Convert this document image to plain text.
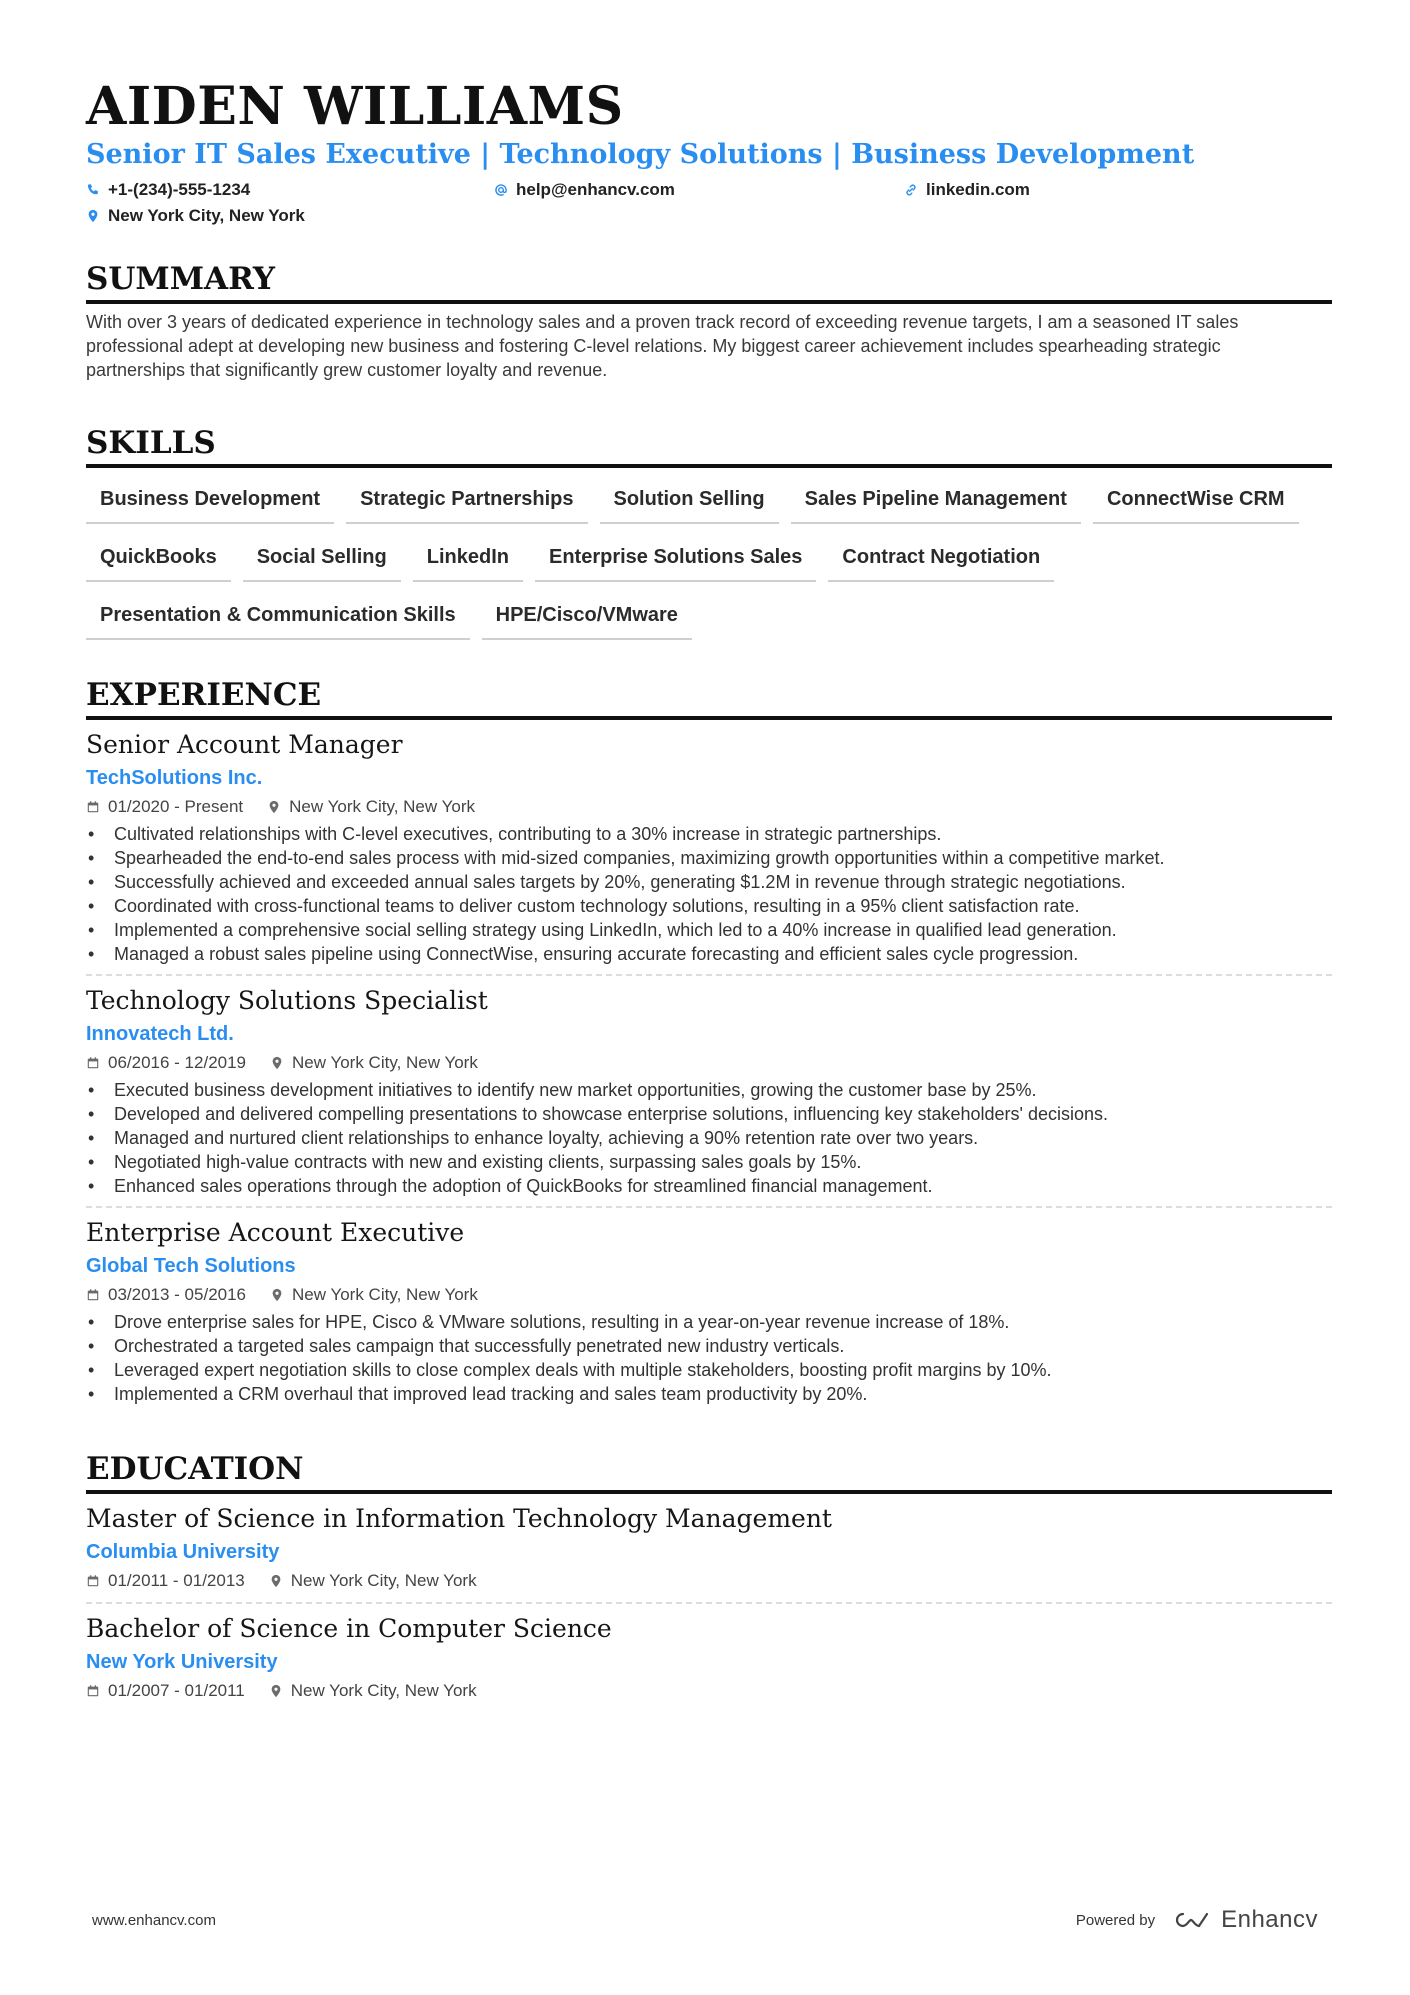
AIDEN WILLIAMS
Senior IT Sales Executive | Technology Solutions | Business Development
+1-(234)-555-1234	help@enhancv.com	linkedin.com
New York City, New York
SUMMARY

With over 3 years of dedicated experience in technology sales and a proven track record of exceeding revenue targets, I am a seasoned IT sales professional adept at developing new business and fostering C-level relations. My biggest career achievement includes spearheading strategic partnerships that significantly grew customer loyalty and revenue.

SKILLS
Business Development	Strategic Partnerships	Solution Selling	Sales Pipeline Management	ConnectWise CRM
QuickBooks	Social Selling	LinkedIn	Enterprise Solutions Sales	Contract Negotiation
Presentation & Communication Skills	HPE/Cisco/VMware
EXPERIENCE
Senior Account Manager
TechSolutions Inc.
01/2020 - Present	New York City, New York
• Cultivated relationships with C-level executives, contributing to a 30% increase in strategic partnerships.
• Spearheaded the end-to-end sales process with mid-sized companies, maximizing growth opportunities within a competitive market.
• Successfully achieved and exceeded annual sales targets by 20%, generating $1.2M in revenue through strategic negotiations.
• Coordinated with cross-functional teams to deliver custom technology solutions, resulting in a 95% client satisfaction rate.
• Implemented a comprehensive social selling strategy using LinkedIn, which led to a 40% increase in qualified lead generation.
• Managed a robust sales pipeline using ConnectWise, ensuring accurate forecasting and efficient sales cycle progression.
Technology Solutions Specialist
Innovatech Ltd.
06/2016 - 12/2019	New York City, New York
• Executed business development initiatives to identify new market opportunities, growing the customer base by 25%.
• Developed and delivered compelling presentations to showcase enterprise solutions, influencing key stakeholders' decisions.
• Managed and nurtured client relationships to enhance loyalty, achieving a 90% retention rate over two years.
• Negotiated high-value contracts with new and existing clients, surpassing sales goals by 15%.
• Enhanced sales operations through the adoption of QuickBooks for streamlined financial management.
Enterprise Account Executive
Global Tech Solutions
03/2013 - 05/2016	New York City, New York
• Drove enterprise sales for HPE, Cisco & VMware solutions, resulting in a year-on-year revenue increase of 18%.
• Orchestrated a targeted sales campaign that successfully penetrated new industry verticals.
• Leveraged expert negotiation skills to close complex deals with multiple stakeholders, boosting profit margins by 10%.
• Implemented a CRM overhaul that improved lead tracking and sales team productivity by 20%.
EDUCATION
Master of Science in Information Technology Management
Columbia University
01/2011 - 01/2013	New York City, New York
Bachelor of Science in Computer Science
New York University
01/2007 - 01/2011	New York City, New York
www.enhancv.com	Powered by	Enhancv
